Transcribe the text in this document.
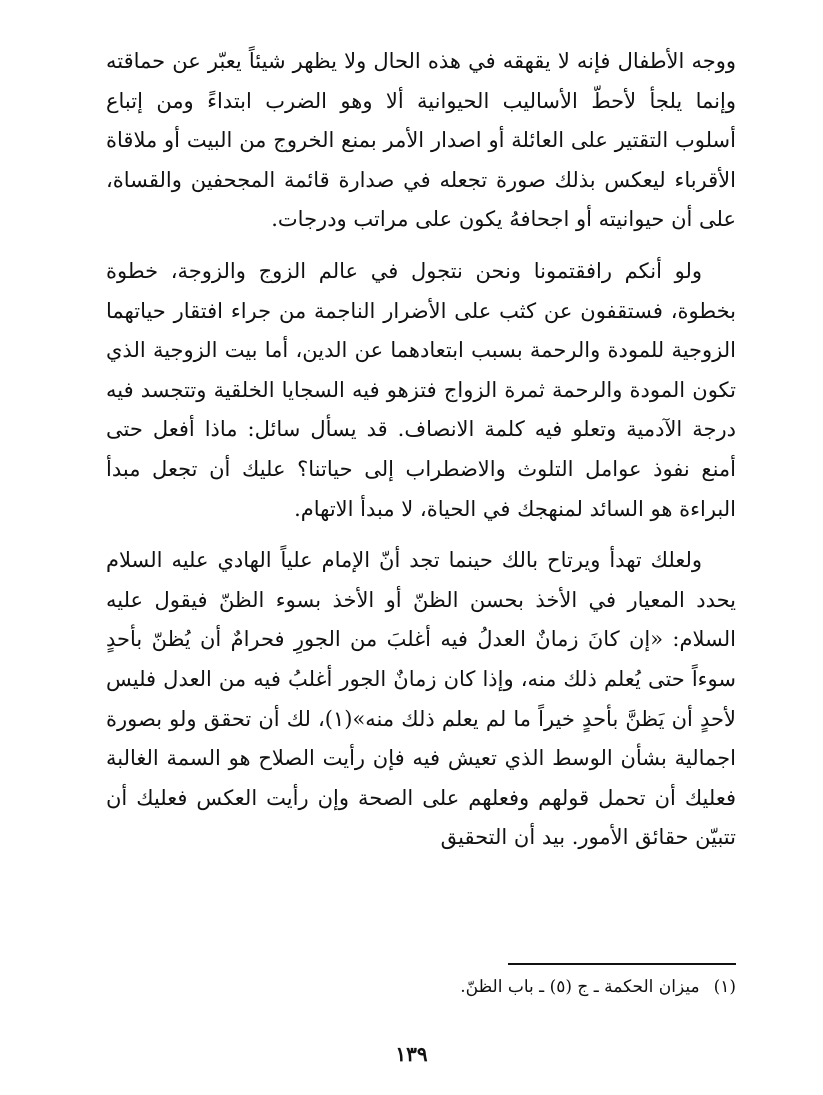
ووجه الأطفال فإنه لا يقهقه في هذه الحال ولا يظهر شيئاً يعبّر عن حماقته وإنما يلجأ لأحطّ الأساليب الحيوانية ألا وهو الضرب ابتداءً ومن إتباع أسلوب التقتير على العائلة أو اصدار الأمر بمنع الخروج من البيت أو ملاقاة الأقرباء ليعكس بذلك صورة تجعله في صدارة قائمة المجحفين والقساة، على أن حيوانيته أو اجحافهُ يكون على مراتب ودرجات.

ولو أنكم رافقتمونا ونحن نتجول في عالم الزوج والزوجة، خطوة بخطوة، فستقفون عن كثب على الأضرار الناجمة من جراء افتقار حياتهما الزوجية للمودة والرحمة بسبب ابتعادهما عن الدين، أما بيت الزوجية الذي تكون المودة والرحمة ثمرة الزواج فتزهو فيه السجايا الخلقية وتتجسد فيه درجة الآدمية وتعلو فيه كلمة الانصاف. قد يسأل سائل: ماذا أفعل حتى أمنع نفوذ عوامل التلوث والاضطراب إلى حياتنا؟ عليك أن تجعل مبدأ البراءة هو السائد لمنهجك في الحياة، لا مبدأ الاتهام.

ولعلك تهدأ ويرتاح بالك حينما تجد أنّ الإمام علياً الهادي عليه السلام يحدد المعيار في الأخذ بحسن الظنّ أو الأخذ بسوء الظنّ فيقول عليه السلام: «إن كانَ زمانٌ العدلُ فيه أغلبَ من الجورِ فحرامٌ أن يُظنّ بأحدٍ سوءاً حتى يُعلم ذلك منه، وإذا كان زمانٌ الجور أغلبُ فيه من العدل فليس لأحدٍ أن يَظنَّ بأحدٍ خيراً ما لم يعلم ذلك منه»(١)، لك أن تحقق ولو بصورة اجمالية بشأن الوسط الذي تعيش فيه فإن رأيت الصلاح هو السمة الغالبة فعليك أن تحمل قولهم وفعلهم على الصحة وإن رأيت العكس فعليك أن تتبيّن حقائق الأمور. بيد أن التحقيق

(١)ميزان الحكمة ـ ج (٥) ـ باب الظنّ.
١٣٩
